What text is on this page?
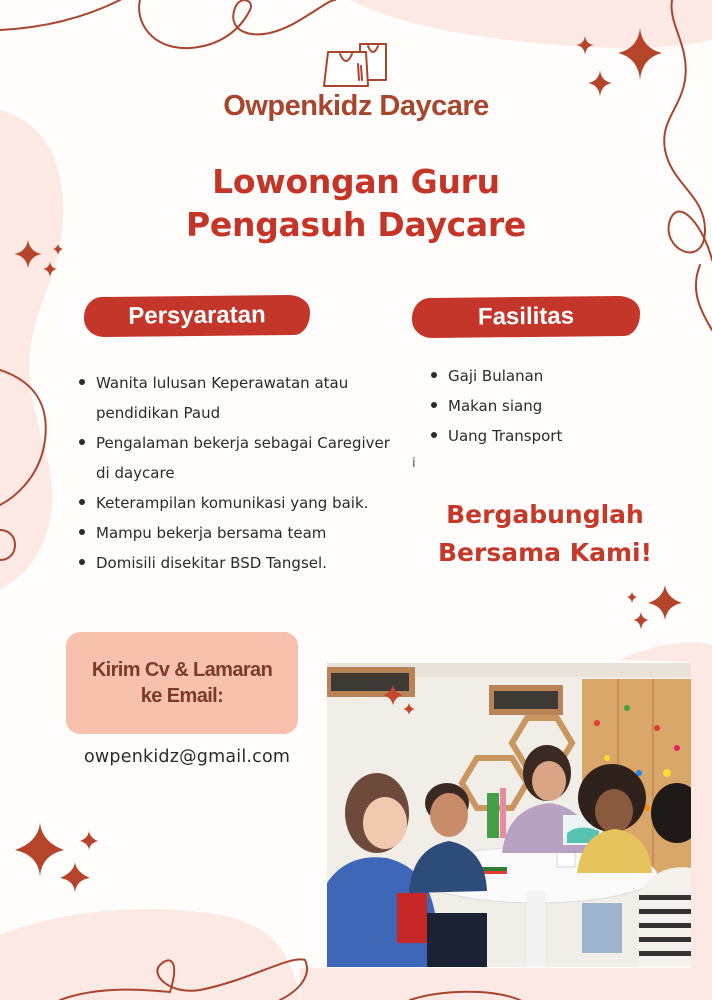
Owpenkidz Daycare
Lowongan Guru
Pengasuh Daycare
Persyaratan	Fasilitas
Wanita lulusan Keperawatan atau pendidikan Paud
Pengalaman bekerja sebagai Caregiver di daycare
Keterampilan komunikasi yang baik.
Mampu bekerja bersama team
Domisili disekitar BSD Tangsel.
Gaji Bulanan
Makan siang
Uang Transport
i
Bergabunglah
Bersama Kami!
Kirim Cv & Lamaran
ke Email:
owpenkidz@gmail.com
